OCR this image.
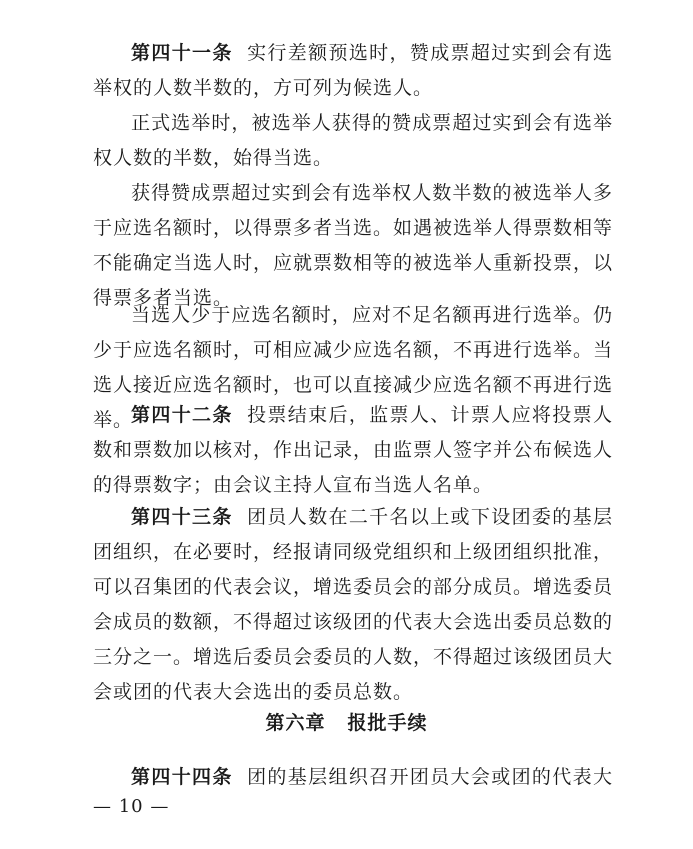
第四十一条 实行差额预选时，赞成票超过实到会有选举权的人数半数的，方可列为候选人。

正式选举时，被选举人获得的赞成票超过实到会有选举权人数的半数，始得当选。

获得赞成票超过实到会有选举权人数半数的被选举人多于应选名额时，以得票多者当选。如遇被选举人得票数相等不能确定当选人时，应就票数相等的被选举人重新投票，以得票多者当选。

当选人少于应选名额时，应对不足名额再进行选举。仍少于应选名额时，可相应减少应选名额，不再进行选举。当选人接近应选名额时，也可以直接减少应选名额不再进行选举。

第四十二条 投票结束后，监票人、计票人应将投票人数和票数加以核对，作出记录，由监票人签字并公布候选人的得票数字；由会议主持人宣布当选人名单。

第四十三条 团员人数在二千名以上或下设团委的基层团组织，在必要时，经报请同级党组织和上级团组织批准，可以召集团的代表会议，增选委员会的部分成员。增选委员会成员的数额，不得超过该级团的代表大会选出委员总数的三分之一。增选后委员会委员的人数，不得超过该级团员大会或团的代表大会选出的委员总数。

第六章 报批手续

第四十四条 团的基层组织召开团员大会或团的代表大

— 10 —
